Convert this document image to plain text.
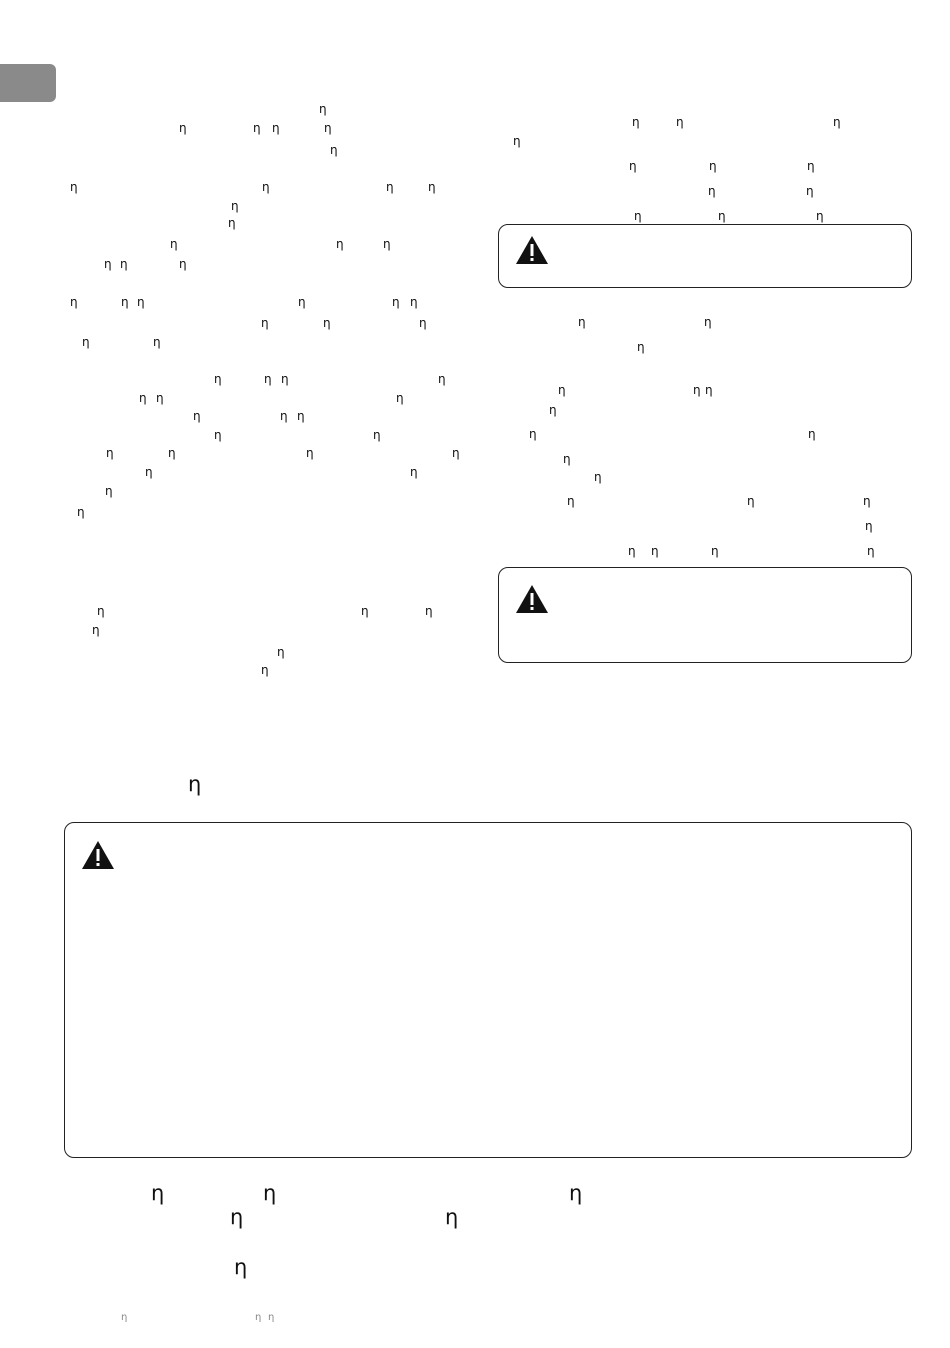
η
η	η η	η
η
η	η	η	η
η
η
η	η	η
η η	η
η	η η	η	η η
η	η	η
η	η
η	η η	η
η η	η
η	η η
η	η
η	η	η	η
η	η
η
η
η	η	η
η
η
η
η	η	η
η
η	η	η
η	η
η	η	η
η	η
η
η	η η
η
η	η
η
η
η	η	η
η
η η	η	η
η
η	η	η
η	η
η
η	η η
